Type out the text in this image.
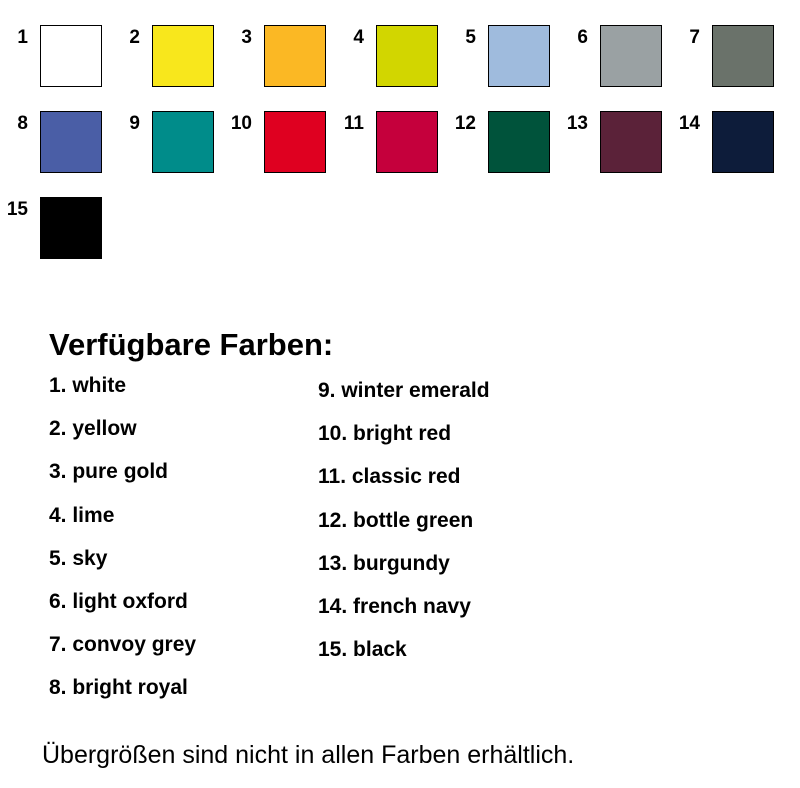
1	2	3	4	5	6	7
8	9	10	11	12	13	14
15
Verfügbare Farben:
1. white
2. yellow
3. pure gold
4. lime
5. sky
6. light oxford
7. convoy grey
8. bright royal
9. winter emerald
10. bright red
11. classic red
12. bottle green
13. burgundy
14. french navy
15. black

Übergrößen sind nicht in allen Farben erhältlich.
